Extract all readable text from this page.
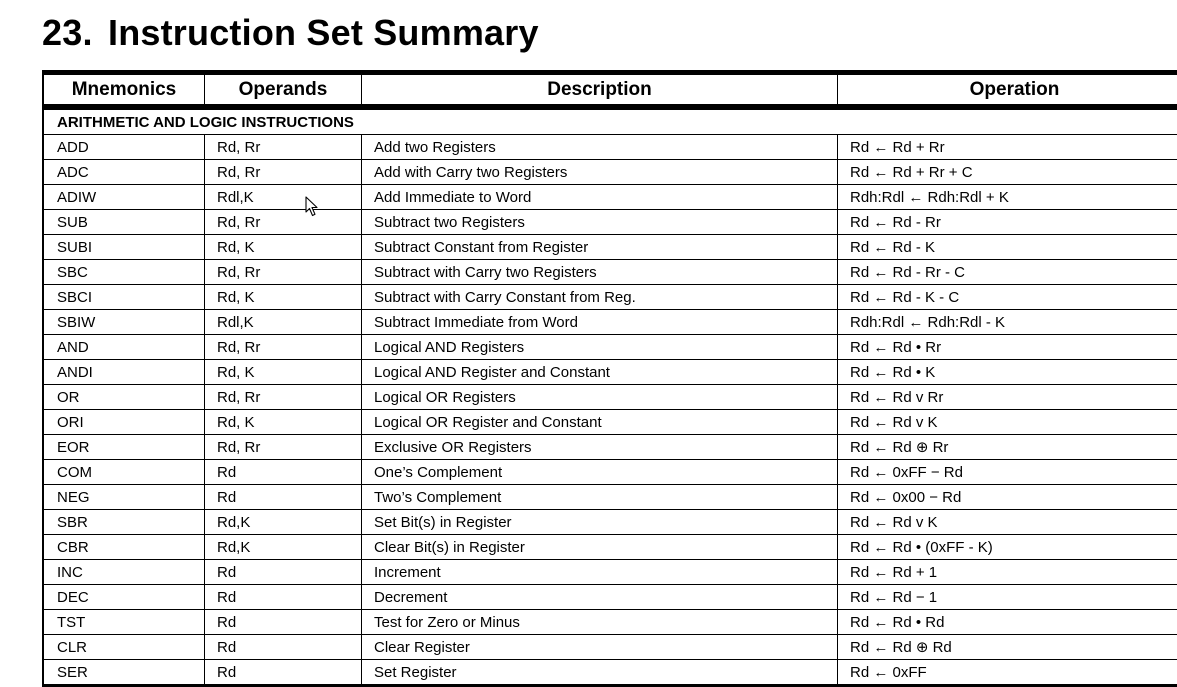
23. Instruction Set Summary
Mnemonics	Operands	Description	Operation
ARITHMETIC AND LOGIC INSTRUCTIONS
ADD	Rd, Rr	Add two Registers	Rd ← Rd + Rr
ADC	Rd, Rr	Add with Carry two Registers	Rd ← Rd + Rr + C
ADIW	Rdl,K	Add Immediate to Word	Rdh:Rdl ← Rdh:Rdl + K
SUB	Rd, Rr	Subtract two Registers	Rd ← Rd - Rr
SUBI	Rd, K	Subtract Constant from Register	Rd ← Rd - K
SBC	Rd, Rr	Subtract with Carry two Registers	Rd ← Rd - Rr - C
SBCI	Rd, K	Subtract with Carry Constant from Reg.	Rd ← Rd - K - C
SBIW	Rdl,K	Subtract Immediate from Word	Rdh:Rdl ← Rdh:Rdl - K
AND	Rd, Rr	Logical AND Registers	Rd ← Rd • Rr
ANDI	Rd, K	Logical AND Register and Constant	Rd ← Rd • K
OR	Rd, Rr	Logical OR Registers	Rd ← Rd v Rr
ORI	Rd, K	Logical OR Register and Constant	Rd ← Rd v K
EOR	Rd, Rr	Exclusive OR Registers	Rd ← Rd ⊕ Rr
COM	Rd	One’s Complement	Rd ← 0xFF − Rd
NEG	Rd	Two’s Complement	Rd ← 0x00 − Rd
SBR	Rd,K	Set Bit(s) in Register	Rd ← Rd v K
CBR	Rd,K	Clear Bit(s) in Register	Rd ← Rd • (0xFF - K)
INC	Rd	Increment	Rd ← Rd + 1
DEC	Rd	Decrement	Rd ← Rd − 1
TST	Rd	Test for Zero or Minus	Rd ← Rd • Rd
CLR	Rd	Clear Register	Rd ← Rd ⊕ Rd
SER	Rd	Set Register	Rd ← 0xFF
